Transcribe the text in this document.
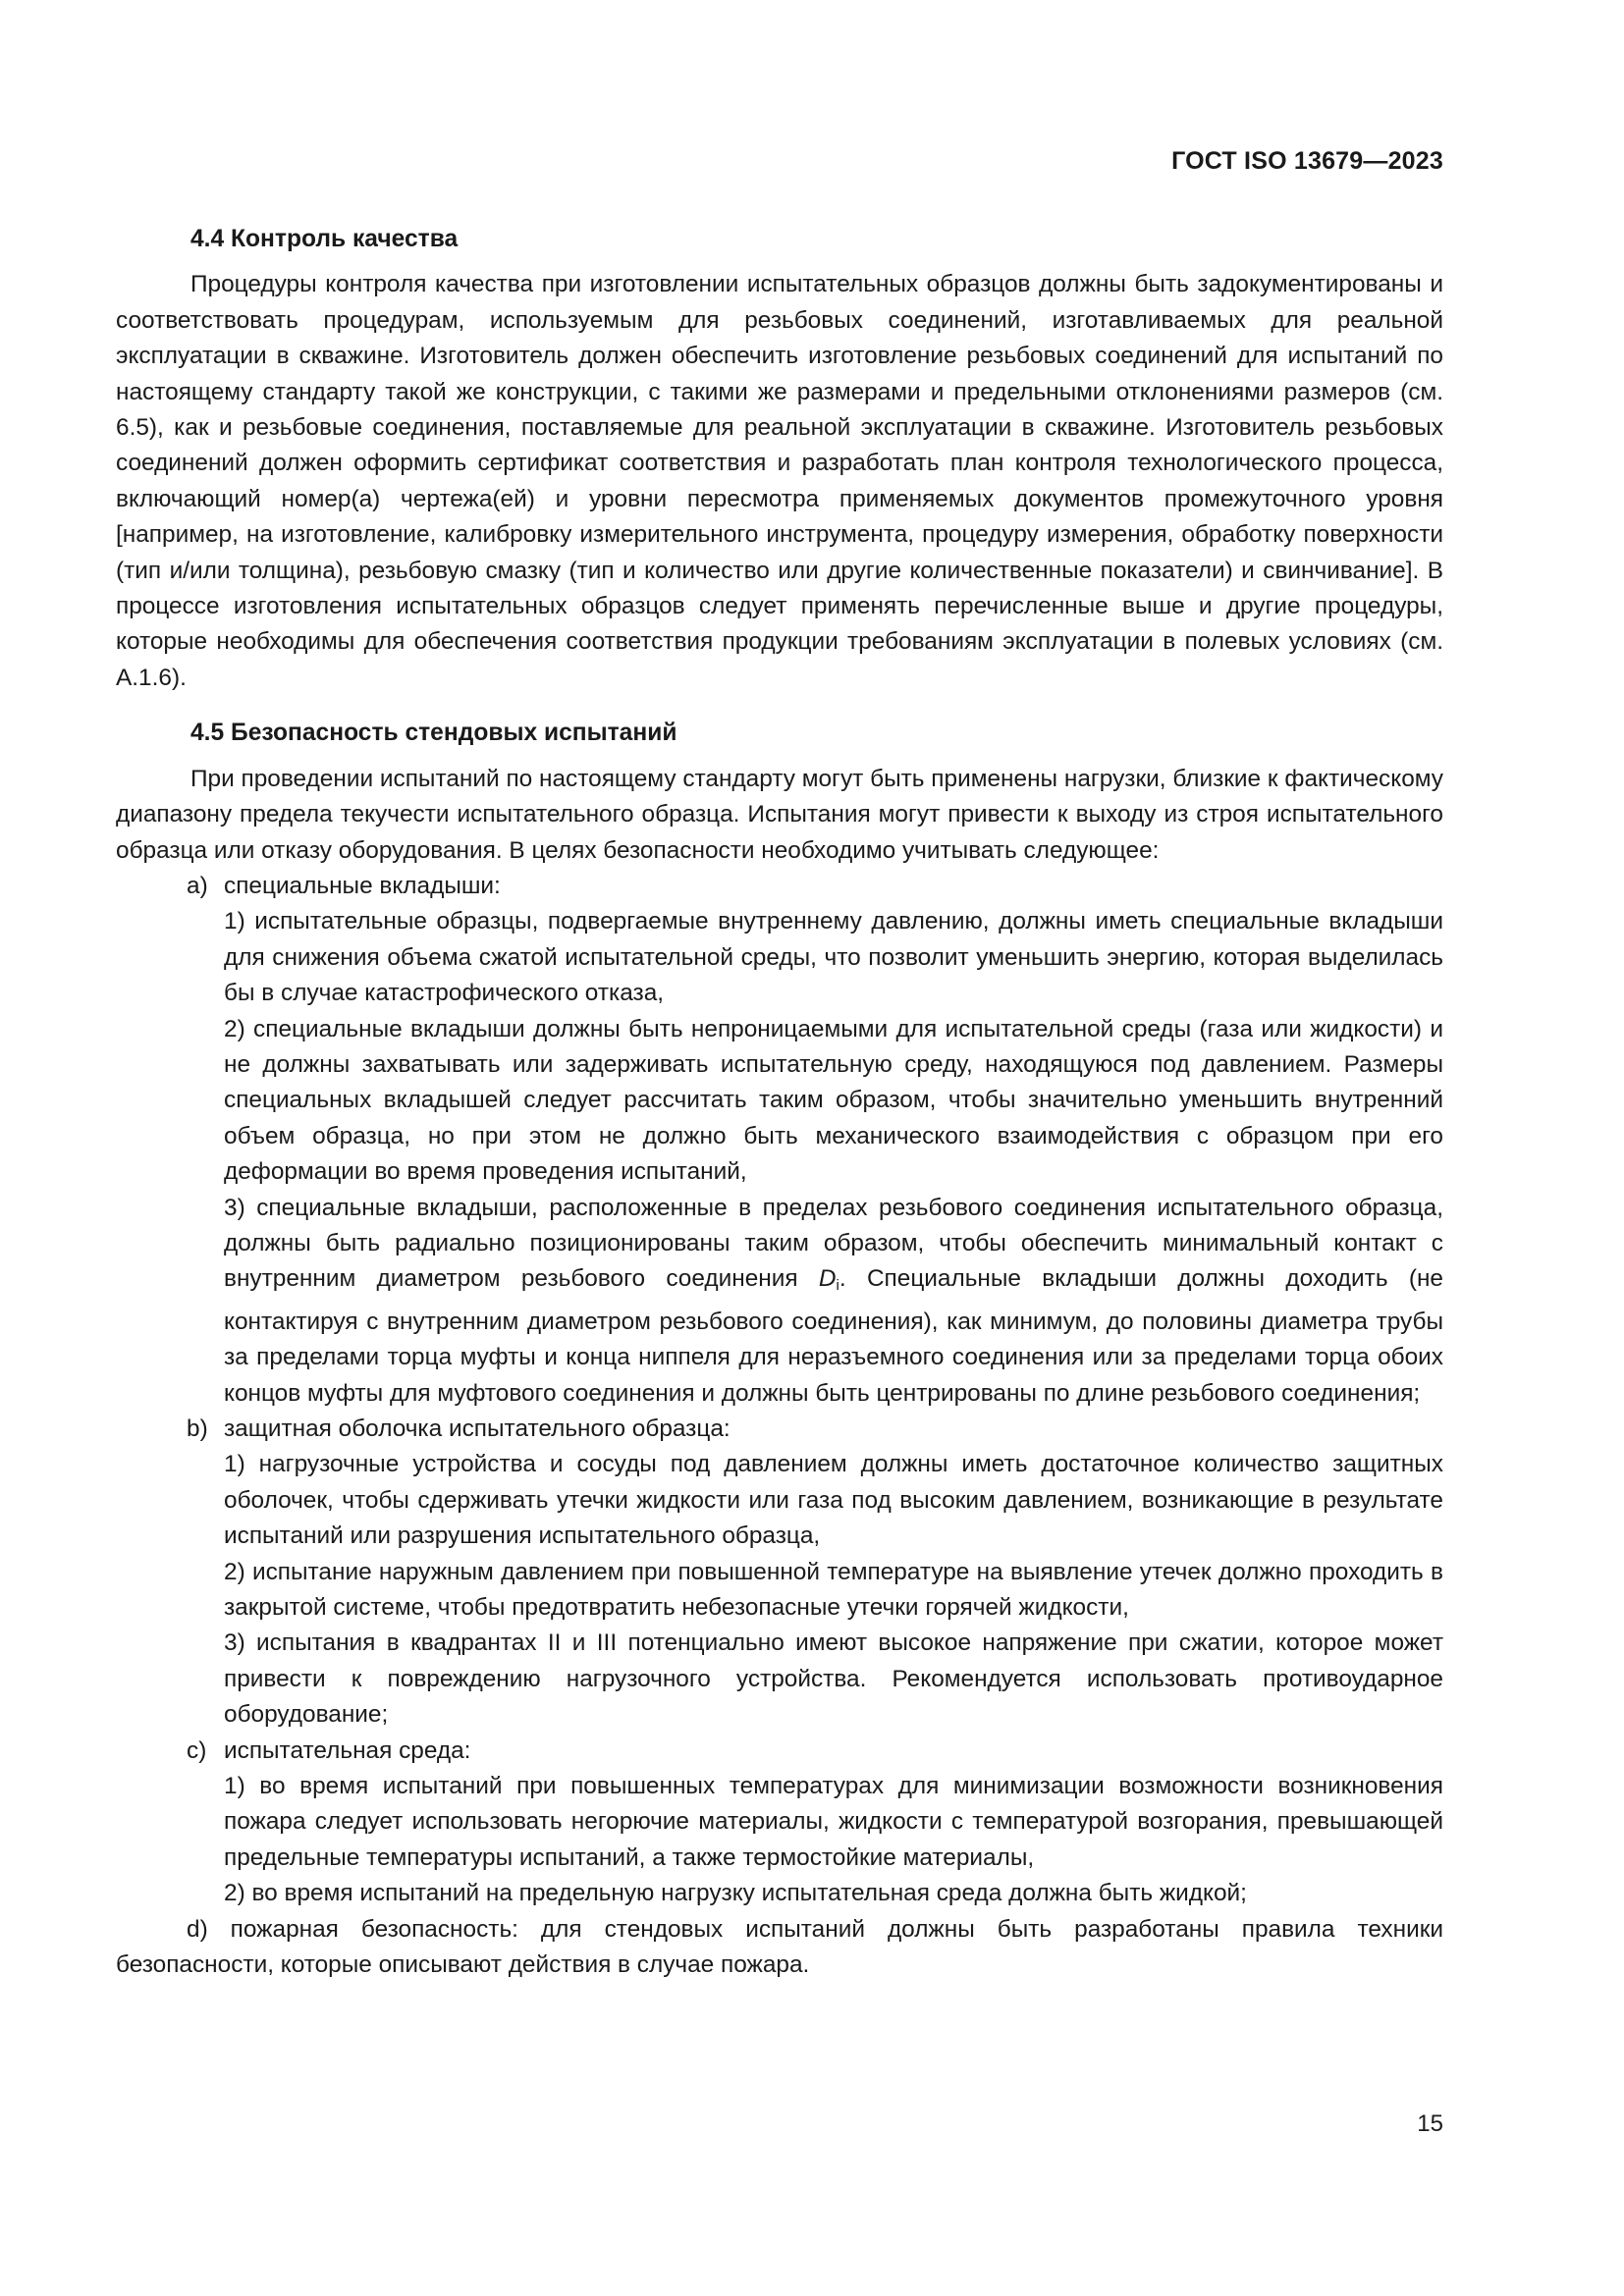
ГОСТ ISO 13679—2023

4.4 Контроль качества

Процедуры контроля качества при изготовлении испытательных образцов должны быть задокументированы и соответствовать процедурам, используемым для резьбовых соединений, изготавливаемых для реальной эксплуатации в скважине. Изготовитель должен обеспечить изготовление резьбовых соединений для испытаний по настоящему стандарту такой же конструкции, с такими же размерами и предельными отклонениями размеров (см. 6.5), как и резьбовые соединения, поставляемые для реальной эксплуатации в скважине. Изготовитель резьбовых соединений должен оформить сертификат соответствия и разработать план контроля технологического процесса, включающий номер(а) чертежа(ей) и уровни пересмотра применяемых документов промежуточного уровня [например, на изготовление, калибровку измерительного инструмента, процедуру измерения, обработку поверхности (тип и/или толщина), резьбовую смазку (тип и количество или другие количественные показатели) и свинчивание]. В процессе изготовления испытательных образцов следует применять перечисленные выше и другие процедуры, которые необходимы для обеспечения соответствия продукции требованиям эксплуатации в полевых условиях (см. А.1.6).

4.5 Безопасность стендовых испытаний

При проведении испытаний по настоящему стандарту могут быть применены нагрузки, близкие к фактическому диапазону предела текучести испытательного образца. Испытания могут привести к выходу из строя испытательного образца или отказу оборудования. В целях безопасности необходимо учитывать следующее:

a) специальные вкладыши:

1) испытательные образцы, подвергаемые внутреннему давлению, должны иметь специальные вкладыши для снижения объема сжатой испытательной среды, что позволит уменьшить энергию, которая выделилась бы в случае катастрофического отказа,

2) специальные вкладыши должны быть непроницаемыми для испытательной среды (газа или жидкости) и не должны захватывать или задерживать испытательную среду, находящуюся под давлением. Размеры специальных вкладышей следует рассчитать таким образом, чтобы значительно уменьшить внутренний объем образца, но при этом не должно быть механического взаимодействия с образцом при его деформации во время проведения испытаний,

3) специальные вкладыши, расположенные в пределах резьбового соединения испытательного образца, должны быть радиально позиционированы таким образом, чтобы обеспечить минимальный контакт с внутренним диаметром резьбового соединения $D_i$. Специальные вкладыши должны доходить (не контактируя с внутренним диаметром резьбового соединения), как минимум, до половины диаметра трубы за пределами торца муфты и конца ниппеля для неразъемного соединения или за пределами торца обоих концов муфты для муфтового соединения и должны быть центрированы по длине резьбового соединения;

b) защитная оболочка испытательного образца:

1) нагрузочные устройства и сосуды под давлением должны иметь достаточное количество защитных оболочек, чтобы сдерживать утечки жидкости или газа под высоким давлением, возникающие в результате испытаний или разрушения испытательного образца,

2) испытание наружным давлением при повышенной температуре на выявление утечек должно проходить в закрытой системе, чтобы предотвратить небезопасные утечки горячей жидкости,

3) испытания в квадрантах II и III потенциально имеют высокое напряжение при сжатии, которое может привести к повреждению нагрузочного устройства. Рекомендуется использовать противоударное оборудование;

c) испытательная среда:

1) во время испытаний при повышенных температурах для минимизации возможности возникновения пожара следует использовать негорючие материалы, жидкости с температурой возгорания, превышающей предельные температуры испытаний, а также термостойкие материалы,

2) во время испытаний на предельную нагрузку испытательная среда должна быть жидкой;

d) пожарная безопасность: для стендовых испытаний должны быть разработаны правила техники безопасности, которые описывают действия в случае пожара.

15
